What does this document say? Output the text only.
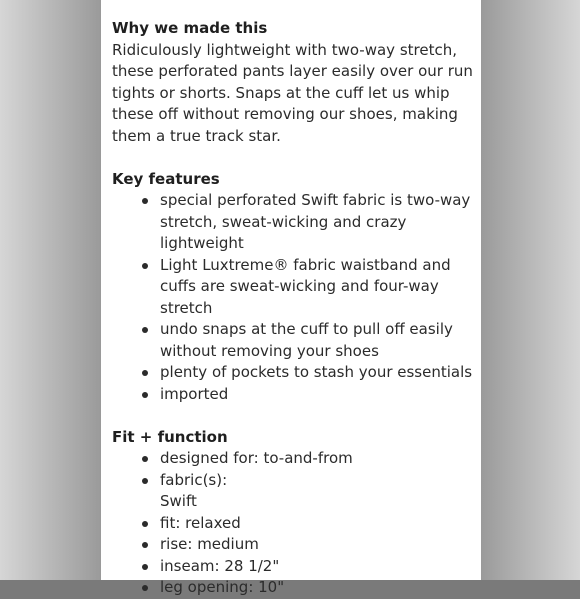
Why we made this

Ridiculously lightweight with two-way stretch, these perforated pants layer easily over our run tights or shorts. Snaps at the cuff let us whip these off without removing our shoes, making them a true track star.

Key features
special perforated Swift fabric is two-way stretch, sweat-wicking and crazy lightweight
Light Luxtreme® fabric waistband and cuffs are sweat-wicking and four-way stretch
undo snaps at the cuff to pull off easily without removing your shoes
plenty of pockets to stash your essentials
imported
Fit + function
designed for: to-and-from
fabric(s):
Swift
fit: relaxed
rise: medium
inseam: 28 1/2"
leg opening: 10"
